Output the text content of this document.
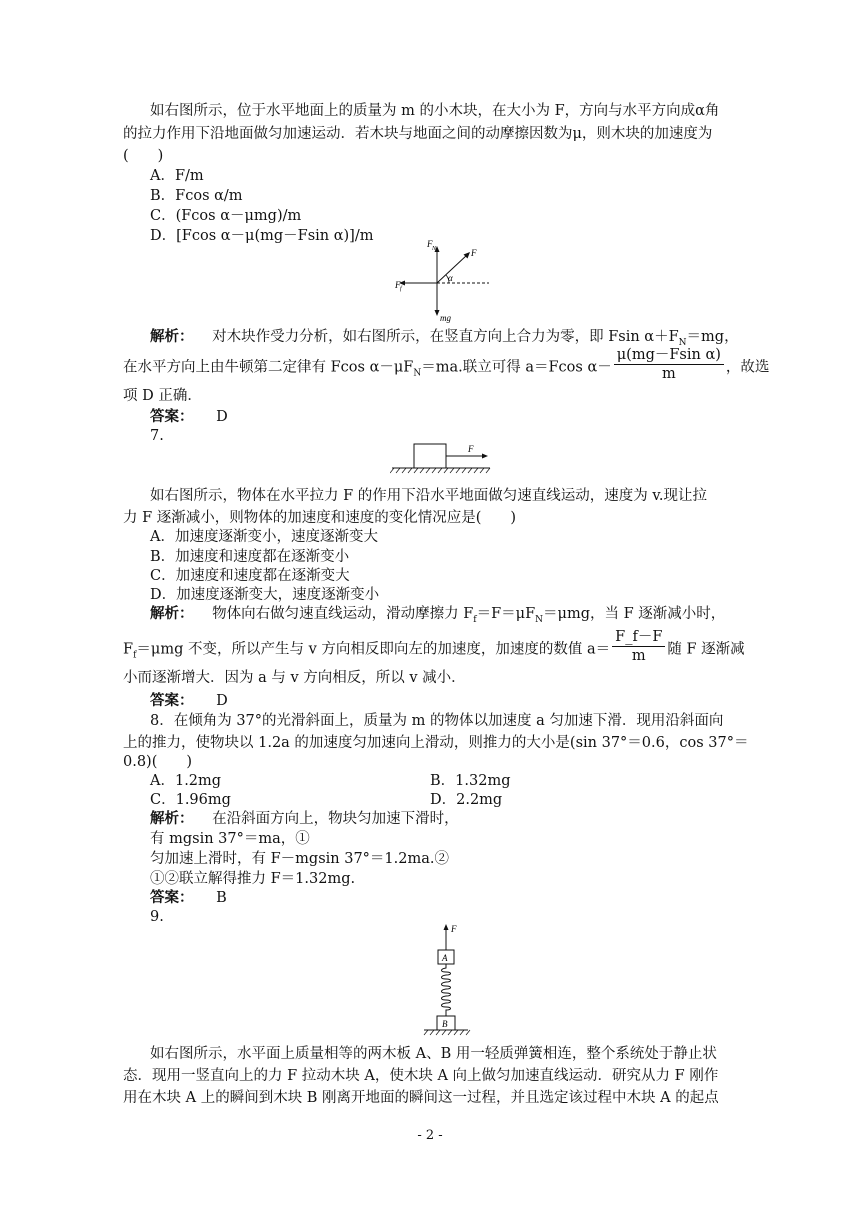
如右图所示，位于水平地面上的质量为 m 的小木块，在大小为 F，方向与水平方向成α角
的拉力作用下沿地面做匀加速运动．若木块与地面之间的动摩擦因数为μ，则木块的加速度为
(　　)
A．F/m
B．Fcos α/m
C．(Fcos α－μmg)/m
D．[Fcos α－μ(mg－Fsin α)]/m	F N	F
α
F f
mg
解析： 对木块作受力分析，如右图所示，在竖直方向上合力为零，即 Fsin $\alpha+F_N=mg$，
在水平方向上由牛顿第二定律有 Fcos $\alpha-\mu F_N=ma$.联立可得 a＝Fcos $\alpha- \frac{\text{μ(mg－Fsin α)}}{m}$ ，故选
项 D 正确．
答案： D
7.
F
如右图所示，物体在水平拉力 F 的作用下沿水平地面做匀速直线运动，速度为 v.现让拉
力 F 逐渐减小，则物体的加速度和速度的变化情况应是(　　)
A．加速度逐渐变小，速度逐渐变大
B．加速度和速度都在逐渐变小
C．加速度和速度都在逐渐变大
D．加速度逐渐变大，速度逐渐变小
解析： 物体向右做匀速直线运动，滑动摩擦力 $F_f=F=\mu F_N=\mu mg$，当 F 逐渐减小时，
$F_f=\mu mg$ 不变，所以产生与 v 方向相反即向左的加速度，加速度的数值 $a= \frac{F\_f-F}{m}$ 随 F 逐渐减
小而逐渐增大．因为 a 与 v 方向相反，所以 v 减小．
答案： D
8．在倾角为 37°的光滑斜面上，质量为 m 的物体以加速度 a 匀加速下滑．现用沿斜面向
上的推力，使物块以 1.2a 的加速度匀加速向上滑动，则推力的大小是(sin 37°＝0.6，cos 37°＝
0.8)(　　)
A．1.2mg	B．1.32mg
C．1.96mg	D．2.2mg
解析： 在沿斜面方向上，物块匀加速下滑时，
有 mgsin 37°＝ma，①
匀加速上滑时，有 F－mgsin 37°＝1.2ma.②
①②联立解得推力 F＝1.32mg.
答案： B
9.
F
A
B
如右图所示，水平面上质量相等的两木板 A、B 用一轻质弹簧相连，整个系统处于静止状
态．现用一竖直向上的力 F 拉动木块 A，使木块 A 向上做匀加速直线运动．研究从力 F 刚作
用在木块 A 上的瞬间到木块 B 刚离开地面的瞬间这一过程，并且选定该过程中木块 A 的起点
- 2 -
